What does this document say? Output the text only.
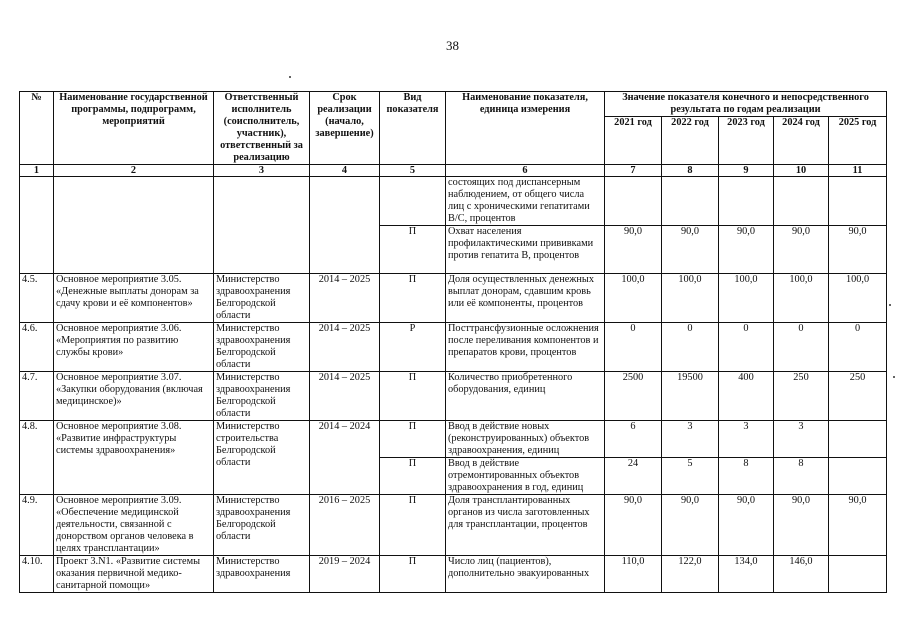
38
№	Наименование государственной программы, подпрограмм, мероприятий	Ответственный исполнитель (соисполнитель, участник), ответственный за реализацию	Срок реализации (начало, завершение)	Вид показателя	Наименование показателя, единица измерения	Значение показателя конечного и непосредственного результата по годам реализации				
						2021 год	2022 год	2023 год	2024 год	2025 год
1	2	3	4	5	6	7	8	9	10	11
					состоящих под диспансерным наблюдением, от общего числа лиц с хроническими гепатитами В/С, процентов					
				П	Охват населения профилактическими прививками против гепатита В, процентов	90,0	90,0	90,0	90,0	90,0
4.5.	Основное мероприятие 3.05. «Денежные выплаты донорам за сдачу крови и её компонентов»	Министерство здравоохранения Белгородской области	2014 – 2025	П	Доля осуществленных денежных выплат донорам, сдавшим кровь или её компоненты, процентов	100,0	100,0	100,0	100,0	100,0
4.6.	Основное мероприятие 3.06. «Мероприятия по развитию службы крови»	Министерство здравоохранения Белгородской области	2014 – 2025	Р	Посттрансфузионные осложнения после переливания компонентов и препаратов крови, процентов	0	0	0	0	0
4.7.	Основное мероприятие 3.07. «Закупки оборудования (включая медицинское)»	Министерство здравоохранения Белгородской области	2014 – 2025	П	Количество приобретенного оборудования, единиц	2500	19500	400	250	250
4.8.	Основное мероприятие 3.08. «Развитие инфраструктуры системы здравоохранения»	Министерство строительства Белгородской области	2014 – 2024	П	Ввод в действие новых (реконструированных) объектов здравоохранения, единиц	6	3	3	3	
				П	Ввод в действие отремонтированных объектов здравоохранения в год, единиц	24	5	8	8	
4.9.	Основное мероприятие 3.09. «Обеспечение медицинской деятельности, связанной с донорством органов человека в целях трансплантации»	Министерство здравоохранения Белгородской области	2016 – 2025	П	Доля трансплантированных органов из числа заготовленных для трансплантации, процентов	90,0	90,0	90,0	90,0	90,0
4.10.	Проект 3.N1. «Развитие системы оказания первичной медико-санитарной помощи»	Министерство здравоохранения	2019 – 2024	П	Число лиц (пациентов), дополнительно эвакуированных	110,0	122,0	134,0	146,0	
